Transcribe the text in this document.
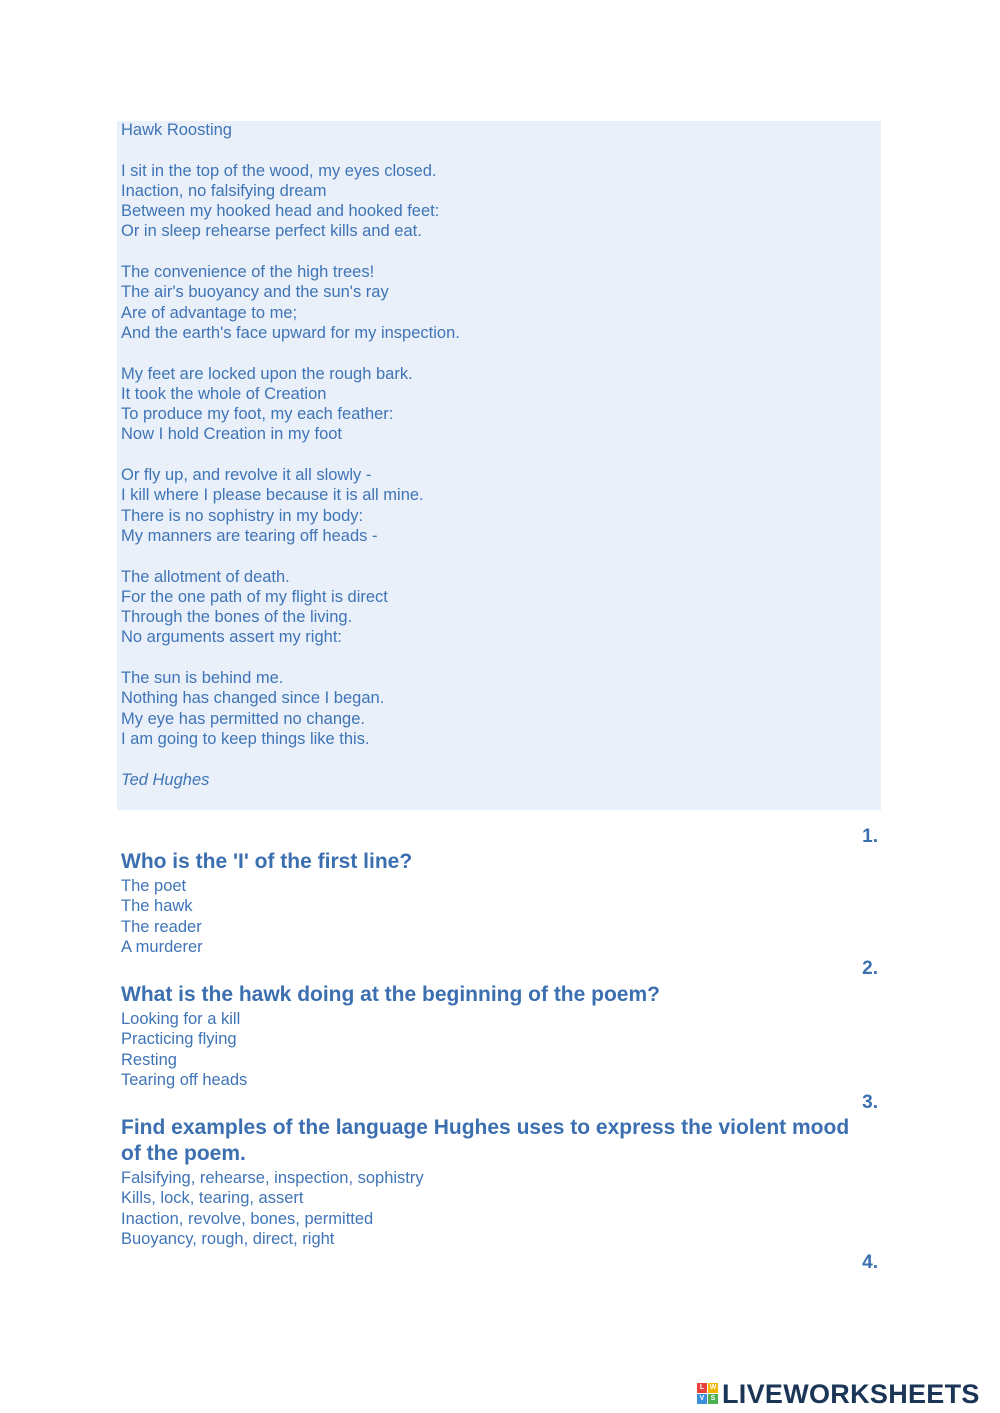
Hawk Roosting
I sit in the top of the wood, my eyes closed.
Inaction, no falsifying dream
Between my hooked head and hooked feet:
Or in sleep rehearse perfect kills and eat.
The convenience of the high trees!
The air's buoyancy and the sun's ray
Are of advantage to me;
And the earth's face upward for my inspection.
My feet are locked upon the rough bark.
It took the whole of Creation
To produce my foot, my each feather:
Now I hold Creation in my foot
Or fly up, and revolve it all slowly -
I kill where I please because it is all mine.
There is no sophistry in my body:
My manners are tearing off heads -
The allotment of death.
For the one path of my flight is direct
Through the bones of the living.
No arguments assert my right:
The sun is behind me.
Nothing has changed since I began.
My eye has permitted no change.
I am going to keep things like this.
Ted Hughes
1.
Who is the 'I' of the first line?
The poet
The hawk
The reader
A murderer
2.
What is the hawk doing at the beginning of the poem?
Looking for a kill
Practicing flying
Resting
Tearing off heads
3.
Find examples of the language Hughes uses to express the violent mood of the poem.
Falsifying, rehearse, inspection, sophistry
Kills, lock, tearing, assert
Inaction, revolve, bones, permitted
Buoyancy, rough, direct, right
4.
L W
V S LIVEWORKSHEETS
